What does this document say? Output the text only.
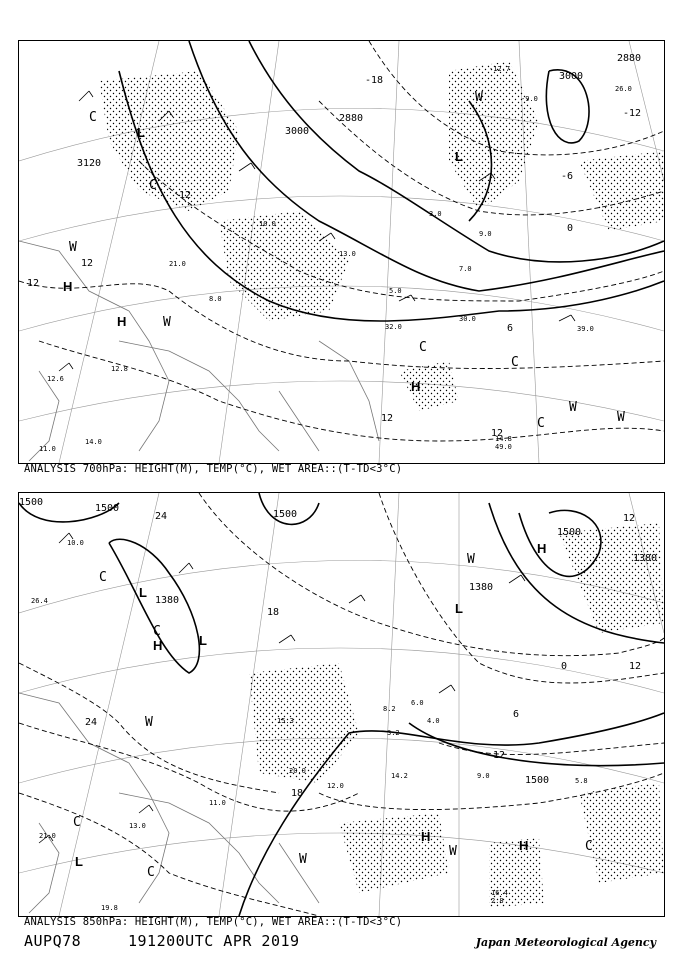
3120
3000
2880
2880
3000
12
12
12
12
6
0
-6
-12
12
-18
L
L
H
H
H
C
C
C
C
C
W
W
W
W
W
21.0
10.0
13.0
9.0
32.0
30.0
39.0
49.0
14.8
12.8
14.0
11.0
12.6
8.0
26.0
5.0
3.0
7.0
-9.0
-12.7
ANALYSIS 700hPa: HEIGHT(M), TEMP(°C), WET AREA::(T-TD<3°C)
1500
1500
1500
1380
1380
1380
1500
1500
24
24
18
18
12
12
6
0	12
L
L
L
L
H
H
H
H
C
C
C
C
C
W
W
W
W
10.0
21.0
13.0
11.0
9.0
2.8
5.8
3.2
16.4
14.2
12.0
6.0
26.4
19.8
15.3
20.0
8.2
4.0
ANALYSIS 850hPa: HEIGHT(M), TEMP(°C), WET AREA::(T-TD<3°C)
AUPQ78	191200UTC APR 2019	Japan Meteorological Agency
